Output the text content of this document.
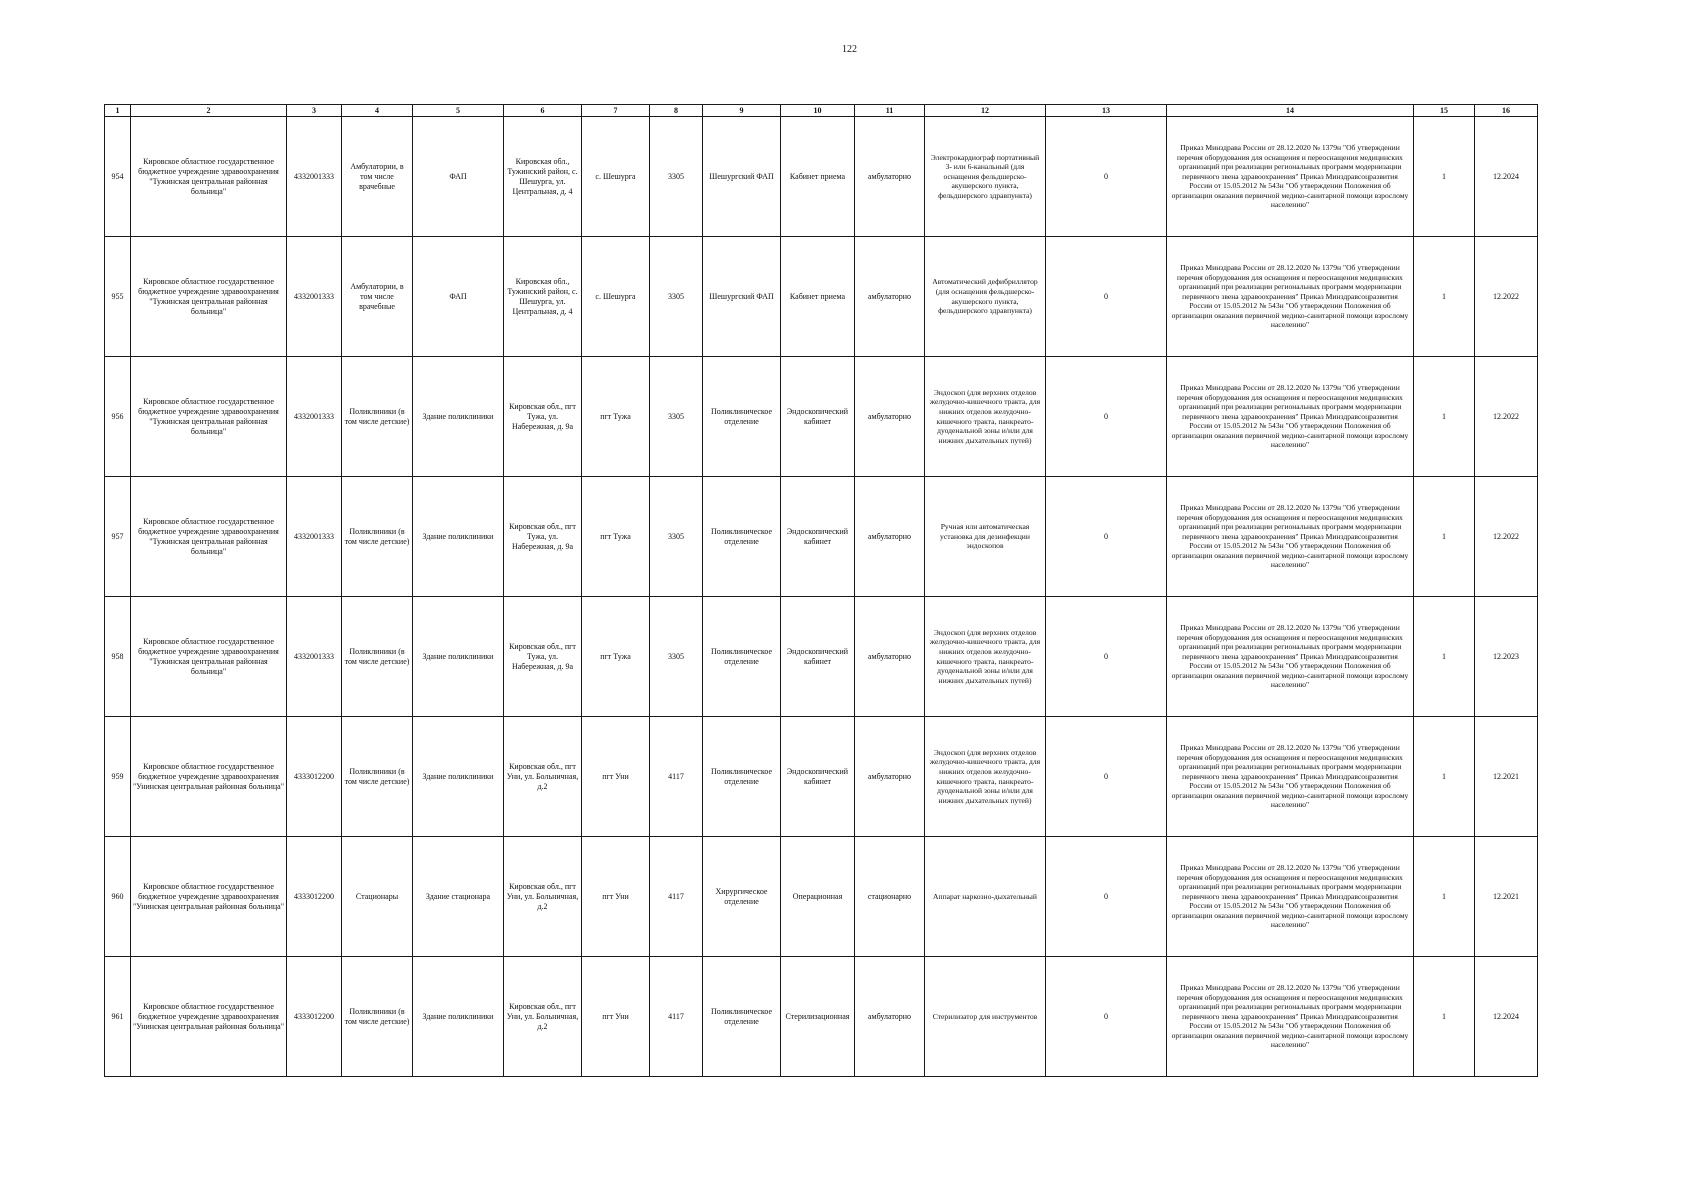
122
1	2	3	4	5	6	7	8	9	10	11	12	13	14	15	16
954	Кировское областное государственное бюджетное учреждение здравоохранения "Тужинская центральная районная больница"	4332001333	Амбулатории, в том числе врачебные	ФАП	Кировская обл., Тужинский район, с. Шешурга, ул. Центральная, д. 4	с. Шешурга	3305	Шешургский ФАП	Кабинет приема	амбулаторно	Электрокардиограф портативный 3- или 6-канальный (для оснащения фельдшерско-акушерского пункта, фельдшерского здравпункта)	0	Приказ Минздрава России от 28.12.2020 № 1379н "Об утверждении перечня оборудования для оснащения и переоснащения медицинских организаций при реализации региональных программ модернизации первичного звена здравоохранения" Приказ Минздравсоцразвития России от 15.05.2012 № 543н "Об утверждении Положения об организации оказания первичной медико-санитарной помощи взрослому населению"	1	12.2024
955	Кировское областное государственное бюджетное учреждение здравоохранения "Тужинская центральная районная больница"	4332001333	Амбулатории, в том числе врачебные	ФАП	Кировская обл., Тужинский район, с. Шешурга, ул. Центральная, д. 4	с. Шешурга	3305	Шешургский ФАП	Кабинет приема	амбулаторно	Автоматический дефибриллятор (для оснащения фельдшерско-акушерского пункта, фельдшерского здравпункта)	0	Приказ Минздрава России от 28.12.2020 № 1379н "Об утверждении перечня оборудования для оснащения и переоснащения медицинских организаций при реализации региональных программ модернизации первичного звена здравоохранения" Приказ Минздравсоцразвития России от 15.05.2012 № 543н "Об утверждении Положения об организации оказания первичной медико-санитарной помощи взрослому населению"	1	12.2022
956	Кировское областное государственное бюджетное учреждение здравоохранения "Тужинская центральная районная больница"	4332001333	Поликлиники (в том числе детские)	Здание поликлиники	Кировская обл., пгт Тужа, ул. Набережная, д. 9а	пгт Тужа	3305	Поликлиническое отделение	Эндоскопический кабинет	амбулаторно	Эндоскоп (для верхних отделов желудочно-кишечного тракта, для нижних отделов желудочно-кишечного тракта, панкреато-дуоденальной зоны и/или для нижних дыхательных путей)	0	Приказ Минздрава России от 28.12.2020 № 1379н "Об утверждении перечня оборудования для оснащения и переоснащения медицинских организаций при реализации региональных программ модернизации первичного звена здравоохранения" Приказ Минздравсоцразвития России от 15.05.2012 № 543н "Об утверждении Положения об организации оказания первичной медико-санитарной помощи взрослому населению"	1	12.2022
957	Кировское областное государственное бюджетное учреждение здравоохранения "Тужинская центральная районная больница"	4332001333	Поликлиники (в том числе детские)	Здание поликлиники	Кировская обл., пгт Тужа, ул. Набережная, д. 9а	пгт Тужа	3305	Поликлиническое отделение	Эндоскопический кабинет	амбулаторно	Ручная или автоматическая установка для дезинфекции эндоскопов	0	Приказ Минздрава России от 28.12.2020 № 1379н "Об утверждении перечня оборудования для оснащения и переоснащения медицинских организаций при реализации региональных программ модернизации первичного звена здравоохранения" Приказ Минздравсоцразвития России от 15.05.2012 № 543н "Об утверждении Положения об организации оказания первичной медико-санитарной помощи взрослому населению"	1	12.2022
958	Кировское областное государственное бюджетное учреждение здравоохранения "Тужинская центральная районная больница"	4332001333	Поликлиники (в том числе детские)	Здание поликлиники	Кировская обл., пгт Тужа, ул. Набережная, д. 9а	пгт Тужа	3305	Поликлиническое отделение	Эндоскопический кабинет	амбулаторно	Эндоскоп (для верхних отделов желудочно-кишечного тракта, для нижних отделов желудочно-кишечного тракта, панкреато-дуоденальной зоны и/или для нижних дыхательных путей)	0	Приказ Минздрава России от 28.12.2020 № 1379н "Об утверждении перечня оборудования для оснащения и переоснащения медицинских организаций при реализации региональных программ модернизации первичного звена здравоохранения" Приказ Минздравсоцразвития России от 15.05.2012 № 543н "Об утверждении Положения об организации оказания первичной медико-санитарной помощи взрослому населению"	1	12.2023
959	Кировское областное государственное бюджетное учреждение здравоохранения "Унинская центральная районная больница"	4333012200	Поликлиники (в том числе детские)	Здание поликлиники	Кировская обл., пгт Уни, ул. Больничная, д.2	пгт Уни	4117	Поликлиническое отделение	Эндоскопический кабинет	амбулаторно	Эндоскоп (для верхних отделов желудочно-кишечного тракта, для нижних отделов желудочно-кишечного тракта, панкреато-дуоденальной зоны и/или для нижних дыхательных путей)	0	Приказ Минздрава России от 28.12.2020 № 1379н "Об утверждении перечня оборудования для оснащения и переоснащения медицинских организаций при реализации региональных программ модернизации первичного звена здравоохранения" Приказ Минздравсоцразвития России от 15.05.2012 № 543н "Об утверждении Положения об организации оказания первичной медико-санитарной помощи взрослому населению"	1	12.2021
960	Кировское областное государственное бюджетное учреждение здравоохранения "Унинская центральная районная больница"	4333012200	Стационары	Здание стационара	Кировская обл., пгт Уни, ул. Больничная, д.2	пгт Уни	4117	Хирургическое отделение	Операционная	стационарно	Аппарат наркозно-дыхательный	0	Приказ Минздрава России от 28.12.2020 № 1379н "Об утверждении перечня оборудования для оснащения и переоснащения медицинских организаций при реализации региональных программ модернизации первичного звена здравоохранения" Приказ Минздравсоцразвития России от 15.05.2012 № 543н "Об утверждении Положения об организации оказания первичной медико-санитарной помощи взрослому населению"	1	12.2021
961	Кировское областное государственное бюджетное учреждение здравоохранения "Унинская центральная районная больница"	4333012200	Поликлиники (в том числе детские)	Здание поликлиники	Кировская обл., пгт Уни, ул. Больничная, д.2	пгт Уни	4117	Поликлиническое отделение	Стерилизационная	амбулаторно	Стерилизатор для инструментов	0	Приказ Минздрава России от 28.12.2020 № 1379н "Об утверждении перечня оборудования для оснащения и переоснащения медицинских организаций при реализации региональных программ модернизации первичного звена здравоохранения" Приказ Минздравсоцразвития России от 15.05.2012 № 543н "Об утверждении Положения об организации оказания первичной медико-санитарной помощи взрослому населению"	1	12.2024
